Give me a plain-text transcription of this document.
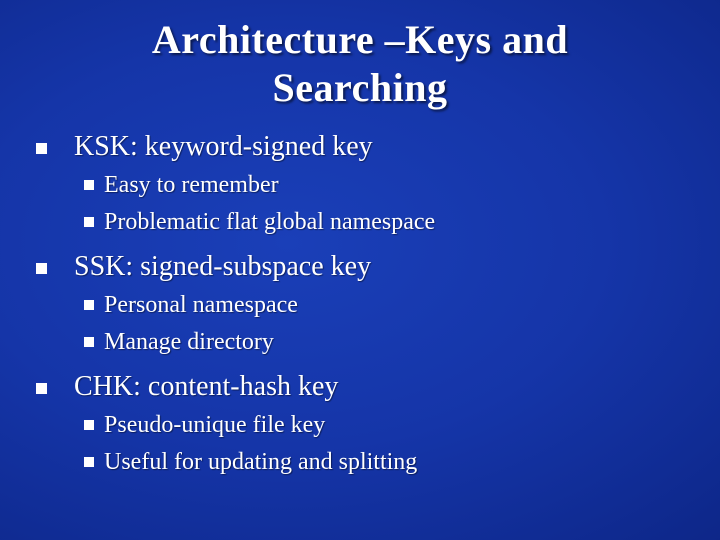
Architecture –Keys and
Searching
KSK: keyword-signed key
Easy to remember
Problematic flat global namespace
SSK: signed-subspace key
Personal namespace
Manage directory
CHK: content-hash key
Pseudo-unique file key
Useful for updating and splitting
